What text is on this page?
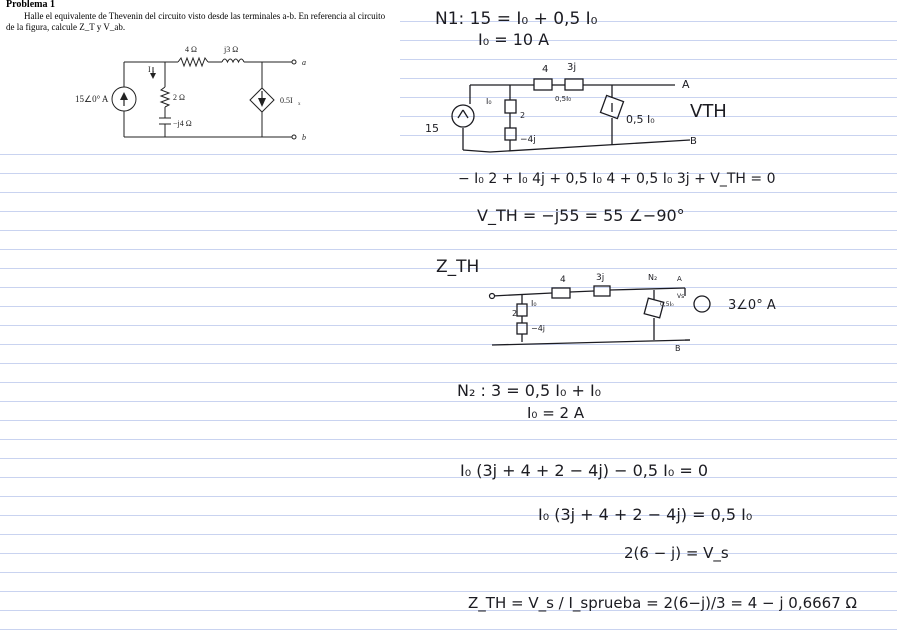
Problema 1
Halle el equivalente de Thevenin del circuito visto desde las terminales a-b. En referencia al circuito de la figura, calcule Z_T y V_ab.
15∠0° A
I x
4 Ω	j3 Ω
2 Ω
−j4 Ω
0.5I x
a
b
N1: 15 = I₀ + 0,5 I₀
I₀ = 10 A
4 3j
A
B
15
I₀
2
−4j
0,5I₀
0,5 I₀ VTH
− I₀ 2 + I₀ 4j + 0,5 I₀ 4 + 0,5 I₀ 3j + V_TH = 0
V_TH = −j55 = 55 ∠−90°
Z_TH
4	3j	N₂	A
B
I₀
2
−4j
0,5I₀
Vs
3∠0° A
N₂ : 3 = 0,5 I₀ + I₀
I₀ = 2 A
I₀ (3j + 4 + 2 − 4j) − 0,5 I₀ = 0
I₀ (3j + 4 + 2 − 4j) = 0,5 I₀
2(6 − j) = V_s
Z_TH = V_s / I_sprueba = 2(6−j)/3 = 4 − j 0,6667 Ω
